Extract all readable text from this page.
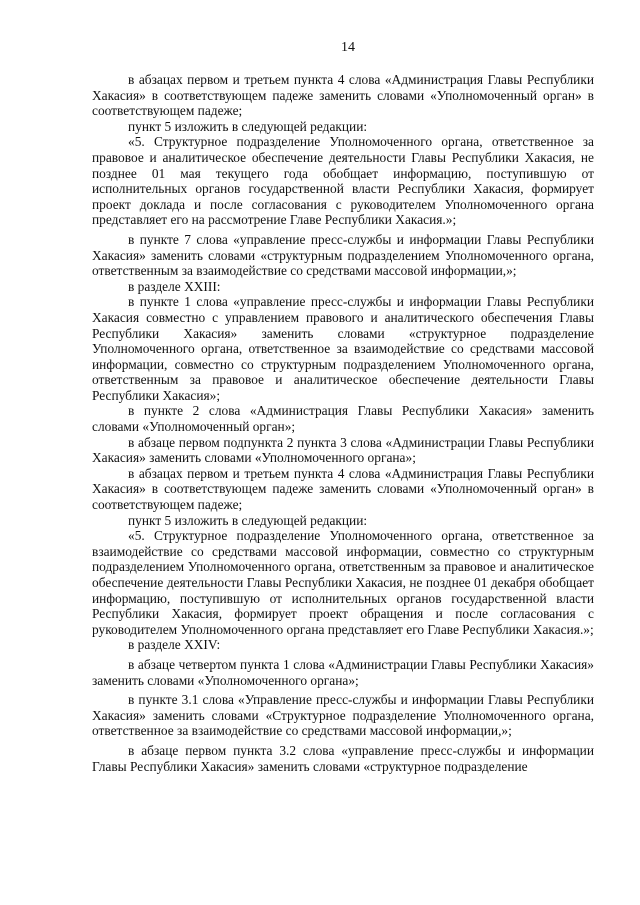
14

в абзацах первом и третьем пункта 4 слова «Администрация Главы Республики Хакасия» в соответствующем падеже заменить словами «Уполномоченный орган» в соответствующем падеже;

пункт 5 изложить в следующей редакции:

«5. Структурное подразделение Уполномоченного органа, ответственное за правовое и аналитическое обеспечение деятельности Главы Республики Хакасия, не позднее 01 мая текущего года обобщает информацию, поступившую от исполнительных органов государственной власти Республики Хакасия, формирует проект доклада и после согласования с руководителем Уполномоченного органа представляет его на рассмотрение Главе Республики Хакасия.»;

в пункте 7 слова «управление пресс-службы и информации Главы Республики Хакасия» заменить словами «структурным подразделением Уполномоченного органа, ответственным за взаимодействие со средствами массовой информации,»;

в разделе XXIII:

в пункте 1 слова «управление пресс-службы и информации Главы Республики Хакасия совместно с управлением правового и аналитического обеспечения Главы Республики Хакасия» заменить словами «структурное подразделение Уполномоченного органа, ответственное за взаимодействие со средствами массовой информации, совместно со структурным подразделением Уполномоченного органа, ответственным за правовое и аналитическое обеспечение деятельности Главы Республики Хакасия»;

в пункте 2 слова «Администрация Главы Республики Хакасия» заменить словами «Уполномоченный орган»;

в абзаце первом подпункта 2 пункта 3 слова «Администрации Главы Республики Хакасия» заменить словами «Уполномоченного органа»;

в абзацах первом и третьем пункта 4 слова «Администрация Главы Республики Хакасия» в соответствующем падеже заменить словами «Уполномоченный орган» в соответствующем падеже;

пункт 5 изложить в следующей редакции:

«5. Структурное подразделение Уполномоченного органа, ответственное за взаимодействие со средствами массовой информации, совместно со структурным подразделением Уполномоченного органа, ответственным за правовое и аналитическое обеспечение деятельности Главы Республики Хакасия, не позднее 01 декабря обобщает информацию, поступившую от исполнительных органов государственной власти Республики Хакасия, формирует проект обращения и после согласования с руководителем Уполномоченного органа представляет его Главе Республики Хакасия.»;

в разделе XXIV:

в абзаце четвертом пункта 1 слова «Администрации Главы Республики Хакасия» заменить словами «Уполномоченного органа»;

в пункте 3.1 слова «Управление пресс-службы и информации Главы Республики Хакасия» заменить словами «Структурное подразделение Уполномоченного органа, ответственное за взаимодействие со средствами массовой информации,»;

в абзаце первом пункта 3.2 слова «управление пресс-службы и информации Главы Республики Хакасия» заменить словами «структурное подразделение
